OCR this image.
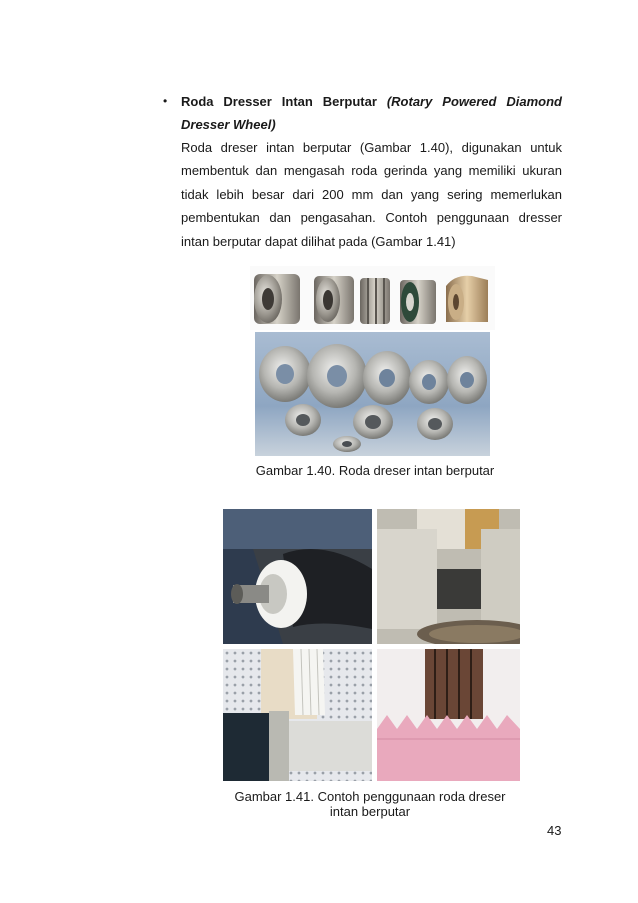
• Roda Dresser Intan Berputar (Rotary Powered Diamond
Dresser Wheel)
Roda dreser intan berputar (Gambar 1.40), digunakan untuk membentuk dan mengasah roda gerinda yang memiliki ukuran tidak lebih besar dari 200 mm dan yang sering memerlukan pembentukan dan pengasahan. Contoh penggunaan dresser intan berputar dapat dilihat pada (Gambar 1.41)
Gambar 1.40. Roda dreser intan berputar
Gambar 1.41. Contoh penggunaan roda dreser
intan berputar
43
